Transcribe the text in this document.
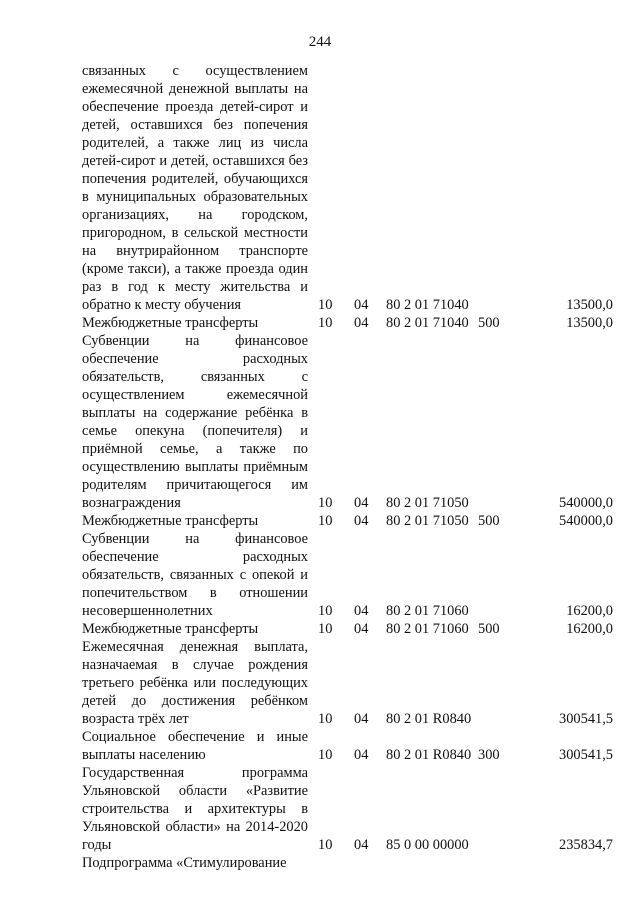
244
связанных с осуществлением ежемесячной денежной выплаты на обеспечение проезда детей-сирот и детей, оставшихся без попечения родителей, а также лиц из числа детей-сирот и детей, оставшихся без попечения родителей, обучающихся в муниципальных образовательных организациях, на городском, пригородном, в сельской местности на внутрирайонном транспорте (кроме такси), а также проезда один раз в год к месту жительства и обратно к месту обучения	10 04 80 2 01 71040	13500,0
Межбюджетные трансферты	10 04 80 2 01 71040 500	13500,0
Субвенции на финансовое обеспечение расходных обязательств, связанных с осуществлением ежемесячной выплаты на содержание ребёнка в семье опекуна (попечителя) и приёмной семье, а также по осуществлению выплаты приёмным родителям причитающегося им вознаграждения	10 04 80 2 01 71050	540000,0
Межбюджетные трансферты	10 04 80 2 01 71050 500	540000,0
Субвенции на финансовое обеспечение расходных обязательств, связанных с опекой и попечительством в отношении несовершеннолетних	10 04 80 2 01 71060	16200,0
Межбюджетные трансферты	10 04 80 2 01 71060 500	16200,0
Ежемесячная денежная выплата, назначаемая в случае рождения третьего ребёнка или последующих детей до достижения ребёнком возраста трёх лет	10 04 80 2 01 R0840	300541,5
Социальное обеспечение и иные выплаты населению	10 04 80 2 01 R0840 300	300541,5
Государственная программа Ульяновской области «Развитие строительства и архитектуры в Ульяновской области» на 2014-2020 годы	10 04 85 0 00 00000	235834,7
Подпрограмма «Стимулирование
